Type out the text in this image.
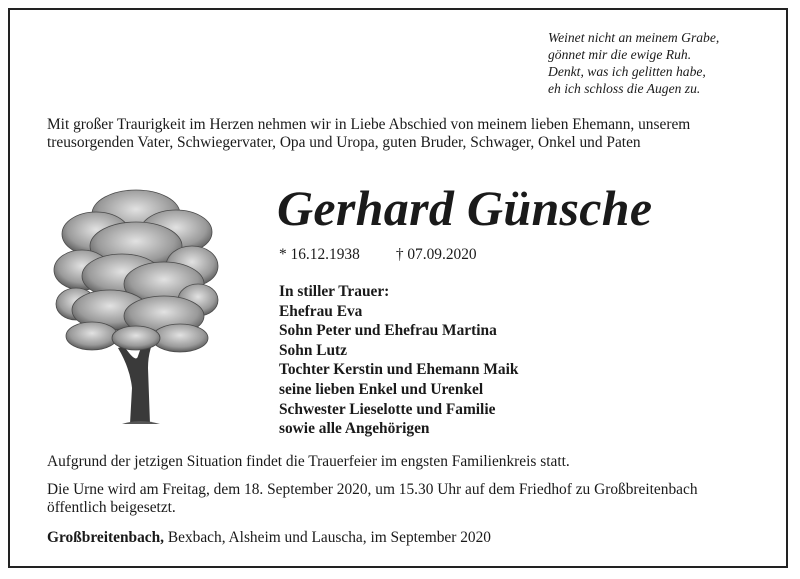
Weinet nicht an meinem Grabe,
gönnet mir die ewige Ruh.
Denkt, was ich gelitten habe,
eh ich schloss die Augen zu.
Mit großer Traurigkeit im Herzen nehmen wir in Liebe Abschied von meinem lieben Ehemann, unserem treusorgenden Vater, Schwiegervater, Opa und Uropa, guten Bruder, Schwager, Onkel und Paten
Gerhard Günsche
* 16.12.1938 † 07.09.2020
In stiller Trauer:
Ehefrau Eva
Sohn Peter und Ehefrau Martina
Sohn Lutz
Tochter Kerstin und Ehemann Maik
seine lieben Enkel und Urenkel
Schwester Lieselotte und Familie
sowie alle Angehörigen
Aufgrund der jetzigen Situation findet die Trauerfeier im engsten Familienkreis statt.
Die Urne wird am Freitag, dem 18. September 2020, um 15.30 Uhr auf dem Friedhof zu Großbreitenbach öffentlich beigesetzt.
Großbreitenbach, Bexbach, Alsheim und Lauscha, im September 2020
